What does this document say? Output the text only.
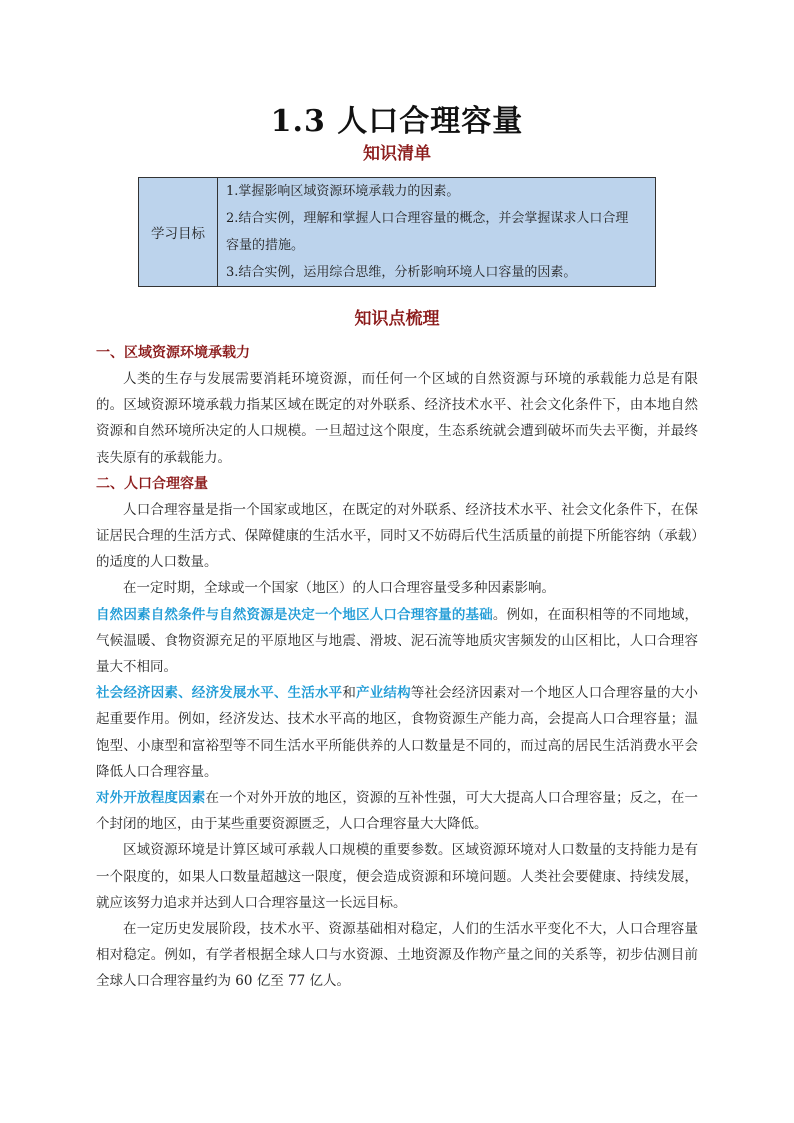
1.3 人口合理容量
知识清单
学习目标	
1.掌握影响区域资源环境承载力的因素。
2.结合实例，理解和掌握人口合理容量的概念，并会掌握谋求人口合理
容量的措施。
3.结合实例，运用综合思维，分析影响环境人口容量的因素。
知识点梳理

一、区域资源环境承载力

人类的生存与发展需要消耗环境资源，而任何一个区域的自然资源与环境的承载能力总是有限的。区域资源环境承载力指某区域在既定的对外联系、经济技术水平、社会文化条件下，由本地自然资源和自然环境所决定的人口规模。一旦超过这个限度，生态系统就会遭到破坏而失去平衡，并最终丧失原有的承载能力。

二、人口合理容量

人口合理容量是指一个国家或地区，在既定的对外联系、经济技术水平、社会文化条件下，在保证居民合理的生活方式、保障健康的生活水平，同时又不妨碍后代生活质量的前提下所能容纳（承载）的适度的人口数量。

在一定时期，全球或一个国家（地区）的人口合理容量受多种因素影响。

自然因素自然条件与自然资源是决定一个地区人口合理容量的基础。例如，在面积相等的不同地域，气候温暖、食物资源充足的平原地区与地震、滑坡、泥石流等地质灾害频发的山区相比，人口合理容量大不相同。

社会经济因素、经济发展水平、生活水平和产业结构等社会经济因素对一个地区人口合理容量的大小起重要作用。例如，经济发达、技术水平高的地区，食物资源生产能力高，会提高人口合理容量；温饱型、小康型和富裕型等不同生活水平所能供养的人口数量是不同的，而过高的居民生活消费水平会降低人口合理容量。

对外开放程度因素在一个对外开放的地区，资源的互补性强，可大大提高人口合理容量；反之，在一个封闭的地区，由于某些重要资源匮乏，人口合理容量大大降低。

区域资源环境是计算区域可承载人口规模的重要参数。区域资源环境对人口数量的支持能力是有一个限度的，如果人口数量超越这一限度，便会造成资源和环境问题。人类社会要健康、持续发展，就应该努力追求并达到人口合理容量这一长远目标。

在一定历史发展阶段，技术水平、资源基础相对稳定，人们的生活水平变化不大，人口合理容量相对稳定。例如，有学者根据全球人口与水资源、土地资源及作物产量之间的关系等，初步估测目前全球人口合理容量约为 60 亿至 77 亿人。
